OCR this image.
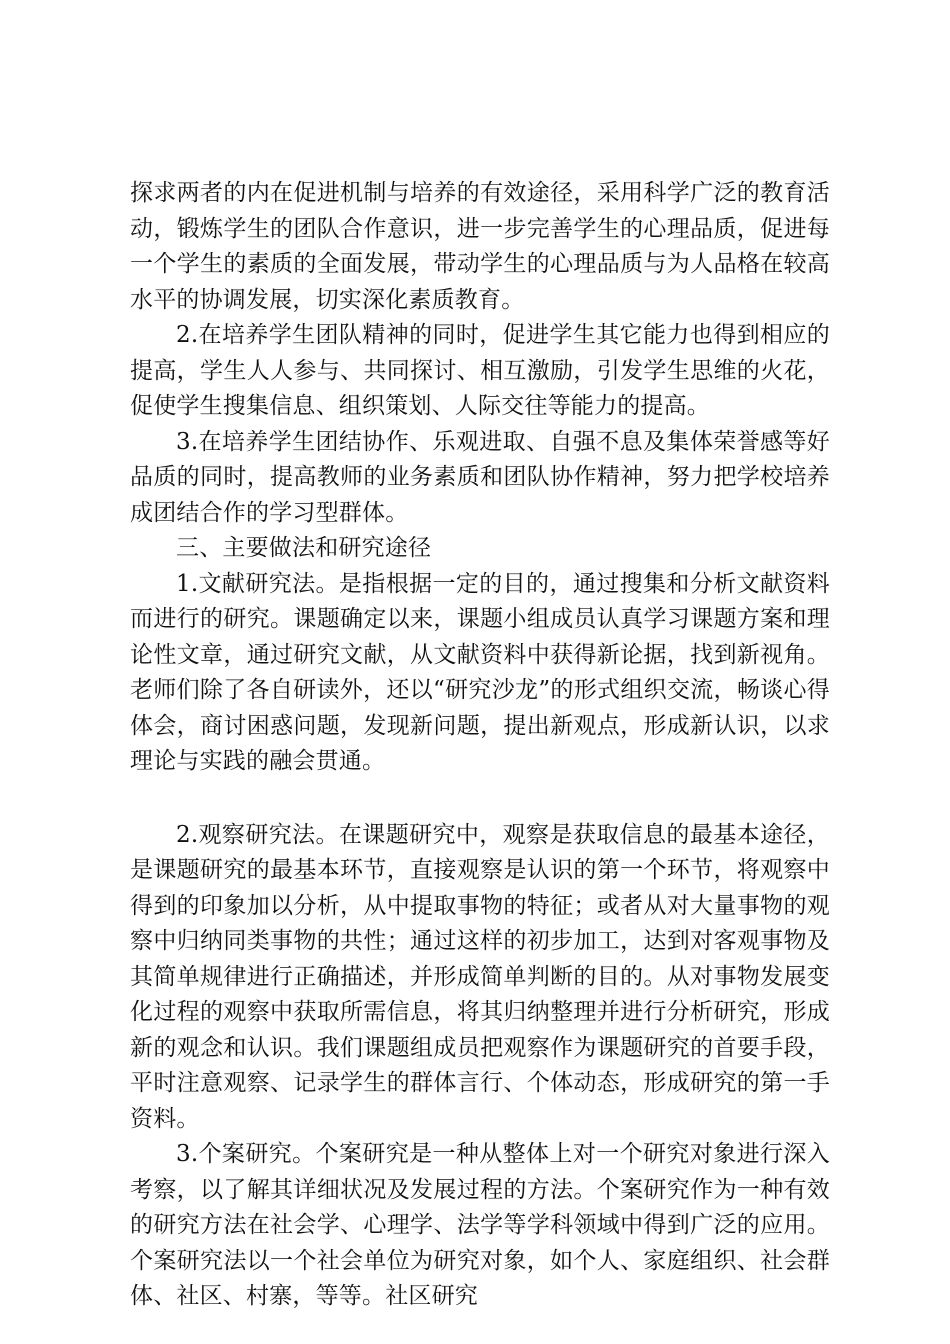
探求两者的内在促进机制与培养的有效途径，采用科学广泛的教育活动，锻炼学生的团队合作意识，进一步完善学生的心理品质，促进每一个学生的素质的全面发展，带动学生的心理品质与为人品格在较高水平的协调发展，切实深化素质教育。

2.在培养学生团队精神的同时，促进学生其它能力也得到相应的提高，学生人人参与、共同探讨、相互激励，引发学生思维的火花，促使学生搜集信息、组织策划、人际交往等能力的提高。

3.在培养学生团结协作、乐观进取、自强不息及集体荣誉感等好品质的同时，提高教师的业务素质和团队协作精神，努力把学校培养成团结合作的学习型群体。

三、主要做法和研究途径

1.文献研究法。是指根据一定的目的，通过搜集和分析文献资料而进行的研究。课题确定以来，课题小组成员认真学习课题方案和理论性文章，通过研究文献，从文献资料中获得新论据，找到新视角。老师们除了各自研读外，还以“研究沙龙”的形式组织交流，畅谈心得体会，商讨困惑问题，发现新问题，提出新观点，形成新认识，以求理论与实践的融会贯通。

2.观察研究法。在课题研究中，观察是获取信息的最基本途径，是课题研究的最基本环节，直接观察是认识的第一个环节，将观察中得到的印象加以分析，从中提取事物的特征；或者从对大量事物的观察中归纳同类事物的共性；通过这样的初步加工，达到对客观事物及其简单规律进行正确描述，并形成简单判断的目的。从对事物发展变化过程的观察中获取所需信息，将其归纳整理并进行分析研究，形成新的观念和认识。我们课题组成员把观察作为课题研究的首要手段，平时注意观察、记录学生的群体言行、个体动态，形成研究的第一手资料。

3.个案研究。个案研究是一种从整体上对一个研究对象进行深入考察，以了解其详细状况及发展过程的方法。个案研究作为一种有效的研究方法在社会学、心理学、法学等学科领域中得到广泛的应用。个案研究法以一个社会单位为研究对象，如个人、家庭组织、社会群体、社区、村寨，等等。社区研究
